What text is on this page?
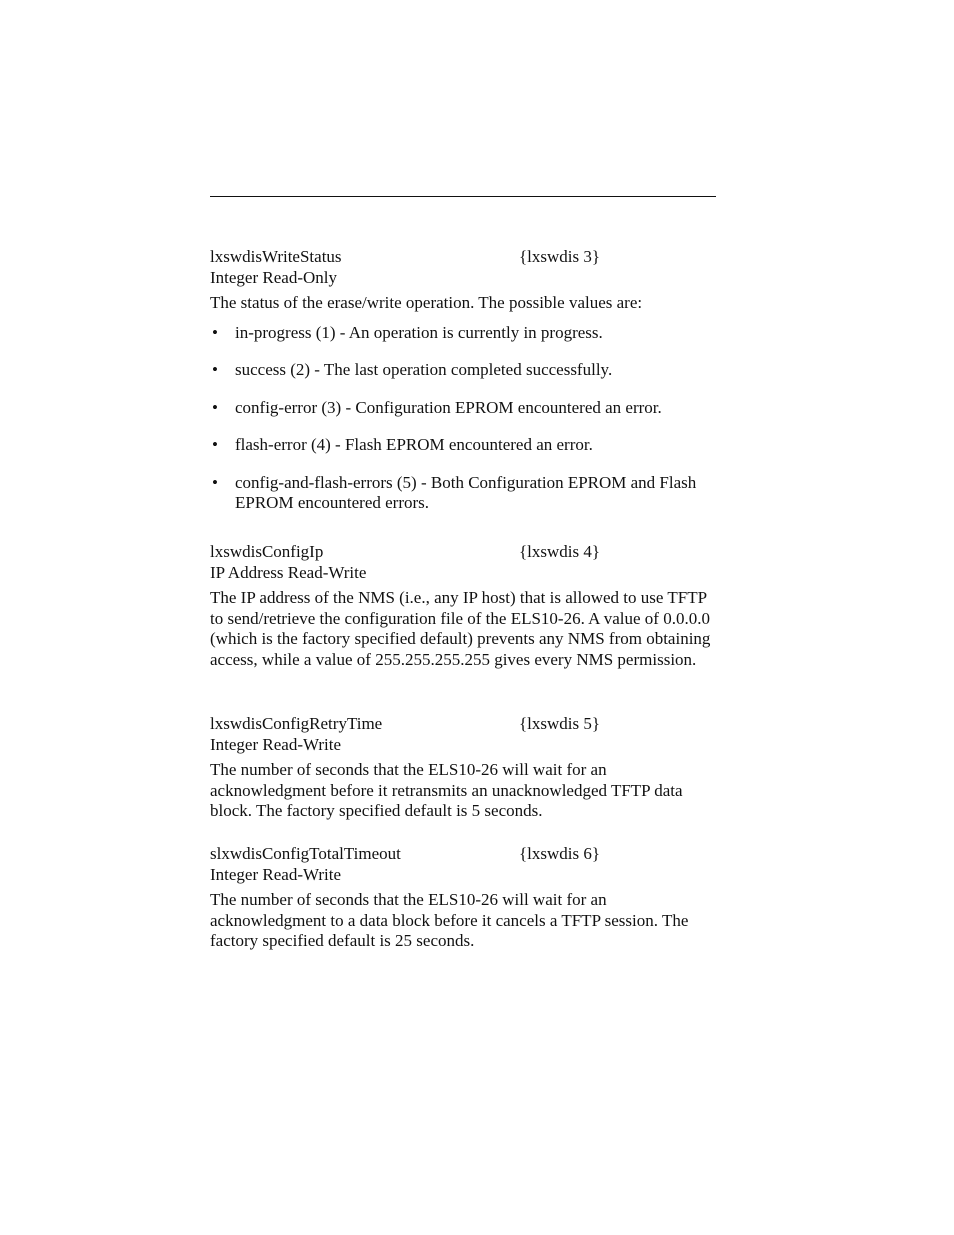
lxswdisWriteStatus	{lxswdis 3}
Integer Read-Only
The status of the erase/write operation. The possible values are:
• in-progress (1) - An operation is currently in progress.
• success (2) - The last operation completed successfully.
• config-error (3) - Configuration EPROM encountered an error.
• flash-error (4) - Flash EPROM encountered an error.
• config-and-flash-errors (5) - Both Configuration EPROM and Flash EPROM encountered errors.
lxswdisConfigIp	{lxswdis 4}
IP Address Read-Write
The IP address of the NMS (i.e., any IP host) that is allowed to use TFTP to send/retrieve the configuration file of the ELS10-26. A value of 0.0.0.0 (which is the factory specified default) prevents any NMS from obtaining access, while a value of 255.255.255.255 gives every NMS permission.
lxswdisConfigRetryTime	{lxswdis 5}
Integer Read-Write
The number of seconds that the ELS10-26 will wait for an acknowledgment before it retransmits an unacknowledged TFTP data block. The factory specified default is 5 seconds.
slxwdisConfigTotalTimeout	{lxswdis 6}
Integer Read-Write
The number of seconds that the ELS10-26 will wait for an acknowledgment to a data block before it cancels a TFTP session. The factory specified default is 25 seconds.
